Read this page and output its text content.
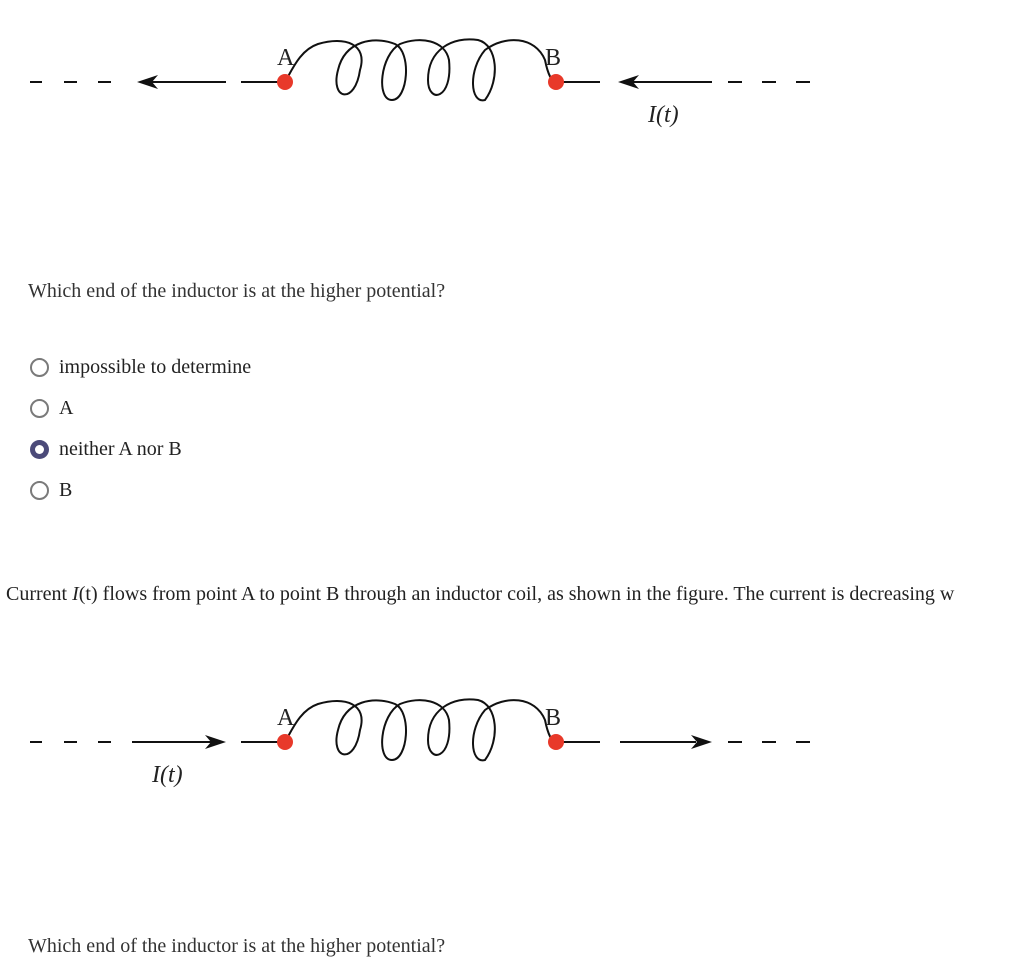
A	B
I(t)
Which end of the inductor is at the higher potential?
impossible to determine
A
neither A nor B
B
Current I(t) flows from point A to point B through an inductor coil, as shown in the figure. The current is decreasing w
A	B
I(t)
Which end of the inductor is at the higher potential?
